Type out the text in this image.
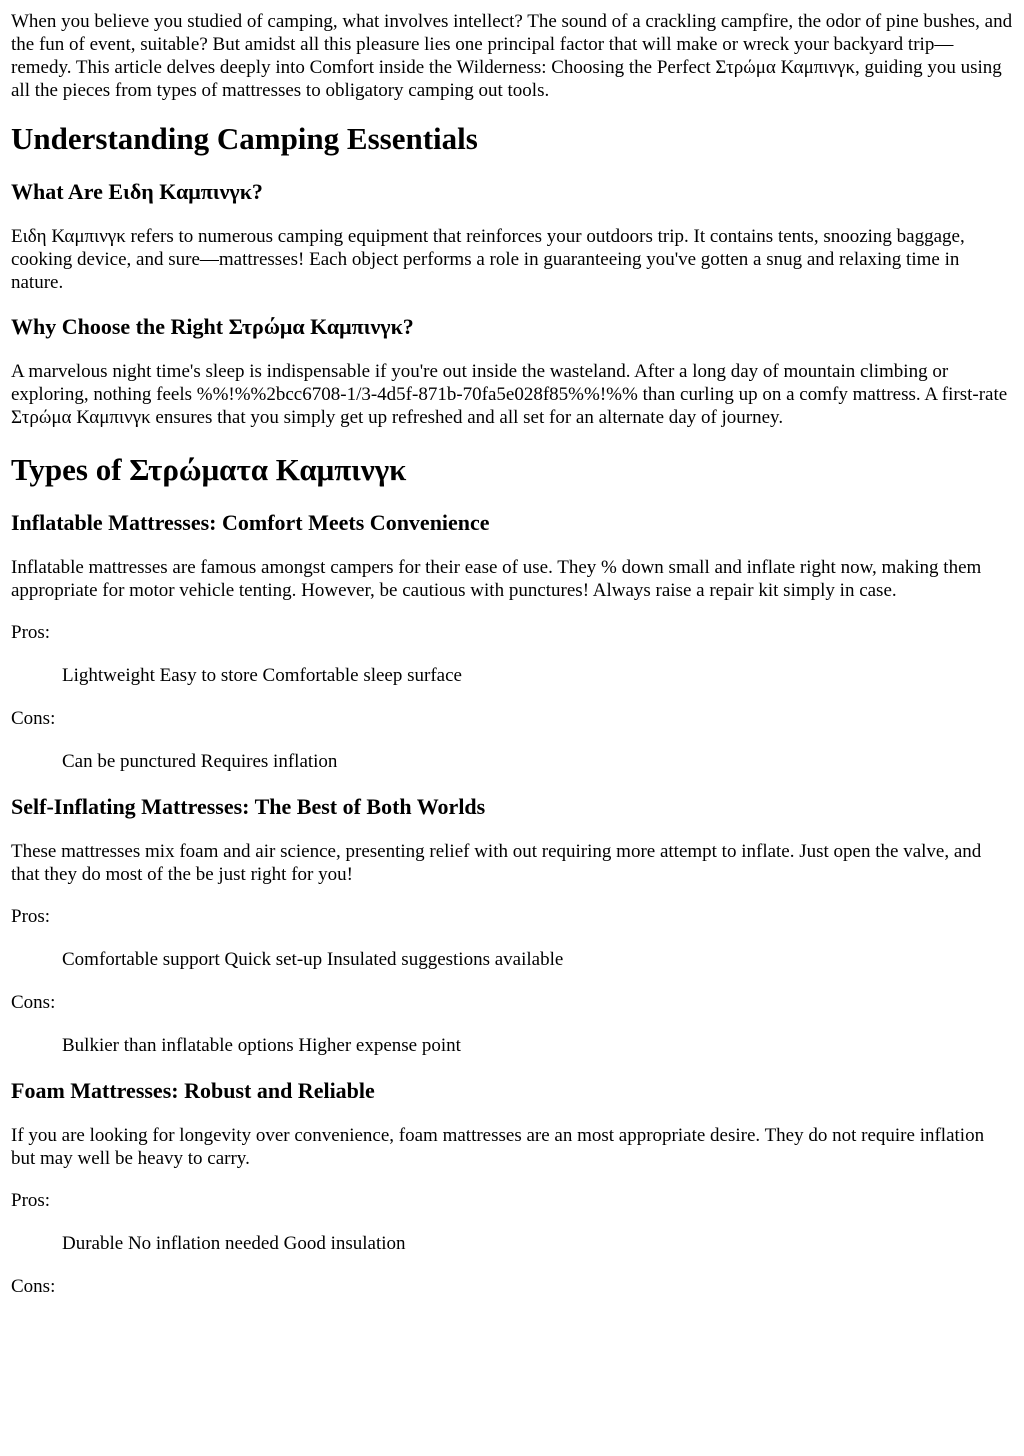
When you believe you studied of camping, what involves intellect? The sound of a crackling campfire, the odor of pine bushes, and the fun of event, suitable? But amidst all this pleasure lies one principal factor that will make or wreck your backyard trip—remedy. This article delves deeply into Comfort inside the Wilderness: Choosing the Perfect Στρώμα Καμπινγκ, guiding you using all the pieces from types of mattresses to obligatory camping out tools.

Understanding Camping Essentials
What Are Ειδη Καμπινγκ?

Ειδη Καμπινγκ refers to numerous camping equipment that reinforces your outdoors trip. It contains tents, snoozing baggage, cooking device, and sure—mattresses! Each object performs a role in guaranteeing you've gotten a snug and relaxing time in nature.

Why Choose the Right Στρώμα Καμπινγκ?

A marvelous night time's sleep is indispensable if you're out inside the wasteland. After a long day of mountain climbing or exploring, nothing feels %%!%%2bcc6708-1/3-4d5f-871b-70fa5e028f85%%!%% than curling up on a comfy mattress. A first-rate Στρώμα Καμπινγκ ensures that you simply get up refreshed and all set for an alternate day of journey.

Types of Στρώματα Καμπινγκ
Inflatable Mattresses: Comfort Meets Convenience

Inflatable mattresses are famous amongst campers for their ease of use. They % down small and inflate right now, making them appropriate for motor vehicle tenting. However, be cautious with punctures! Always raise a repair kit simply in case.

Pros:

Lightweight Easy to store Comfortable sleep surface

Cons:

Can be punctured Requires inflation
Self-Inflating Mattresses: The Best of Both Worlds

These mattresses mix foam and air science, presenting relief with out requiring more attempt to inflate. Just open the valve, and that they do most of the be just right for you!

Pros:

Comfortable support Quick set-up Insulated suggestions available

Cons:

Bulkier than inflatable options Higher expense point
Foam Mattresses: Robust and Reliable

If you are looking for longevity over convenience, foam mattresses are an most appropriate desire. They do not require inflation but may well be heavy to carry.

Pros:

Durable No inflation needed Good insulation

Cons:
